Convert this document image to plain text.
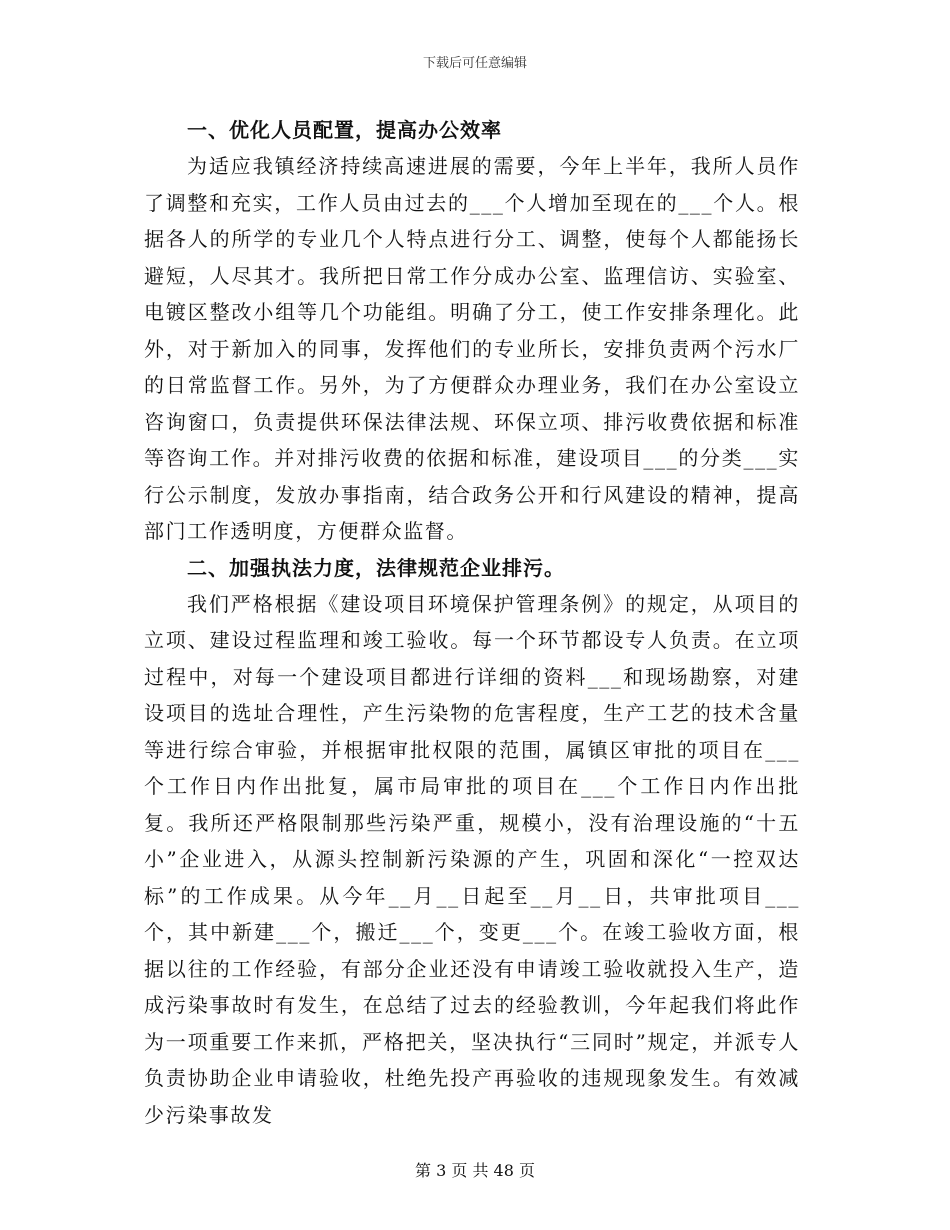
下载后可任意编辑
一、优化人员配置，提高办公效率

为适应我镇经济持续高速进展的需要，今年上半年，我所人员作了调整和充实，工作人员由过去的___个人增加至现在的___个人。根据各人的所学的专业几个人特点进行分工、调整，使每个人都能扬长避短，人尽其才。我所把日常工作分成办公室、监理信访、实验室、电镀区整改小组等几个功能组。明确了分工，使工作安排条理化。此外，对于新加入的同事，发挥他们的专业所长，安排负责两个污水厂的日常监督工作。另外，为了方便群众办理业务，我们在办公室设立咨询窗口，负责提供环保法律法规、环保立项、排污收费依据和标准等咨询工作。并对排污收费的依据和标准，建设项目___的分类___实行公示制度，发放办事指南，结合政务公开和行风建设的精神，提高部门工作透明度，方便群众监督。

二、加强执法力度，法律规范企业排污。

我们严格根据《建设项目环境保护管理条例》的规定，从项目的立项、建设过程监理和竣工验收。每一个环节都设专人负责。在立项过程中，对每一个建设项目都进行详细的资料___和现场勘察，对建设项目的选址合理性，产生污染物的危害程度，生产工艺的技术含量等进行综合审验，并根据审批权限的范围，属镇区审批的项目在___个工作日内作出批复，属市局审批的项目在___个工作日内作出批复。我所还严格限制那些污染严重，规模小，没有治理设施的“十五小”企业进入，从源头控制新污染源的产生，巩固和深化“一控双达标”的工作成果。从今年__月__日起至__月__日，共审批项目___个，其中新建___个，搬迁___个，变更___个。在竣工验收方面，根据以往的工作经验，有部分企业还没有申请竣工验收就投入生产，造成污染事故时有发生，在总结了过去的经验教训，今年起我们将此作为一项重要工作来抓，严格把关，坚决执行“三同时”规定，并派专人负责协助企业申请验收，杜绝先投产再验收的违规现象发生。有效减少污染事故发

第 3 页 共 48 页
